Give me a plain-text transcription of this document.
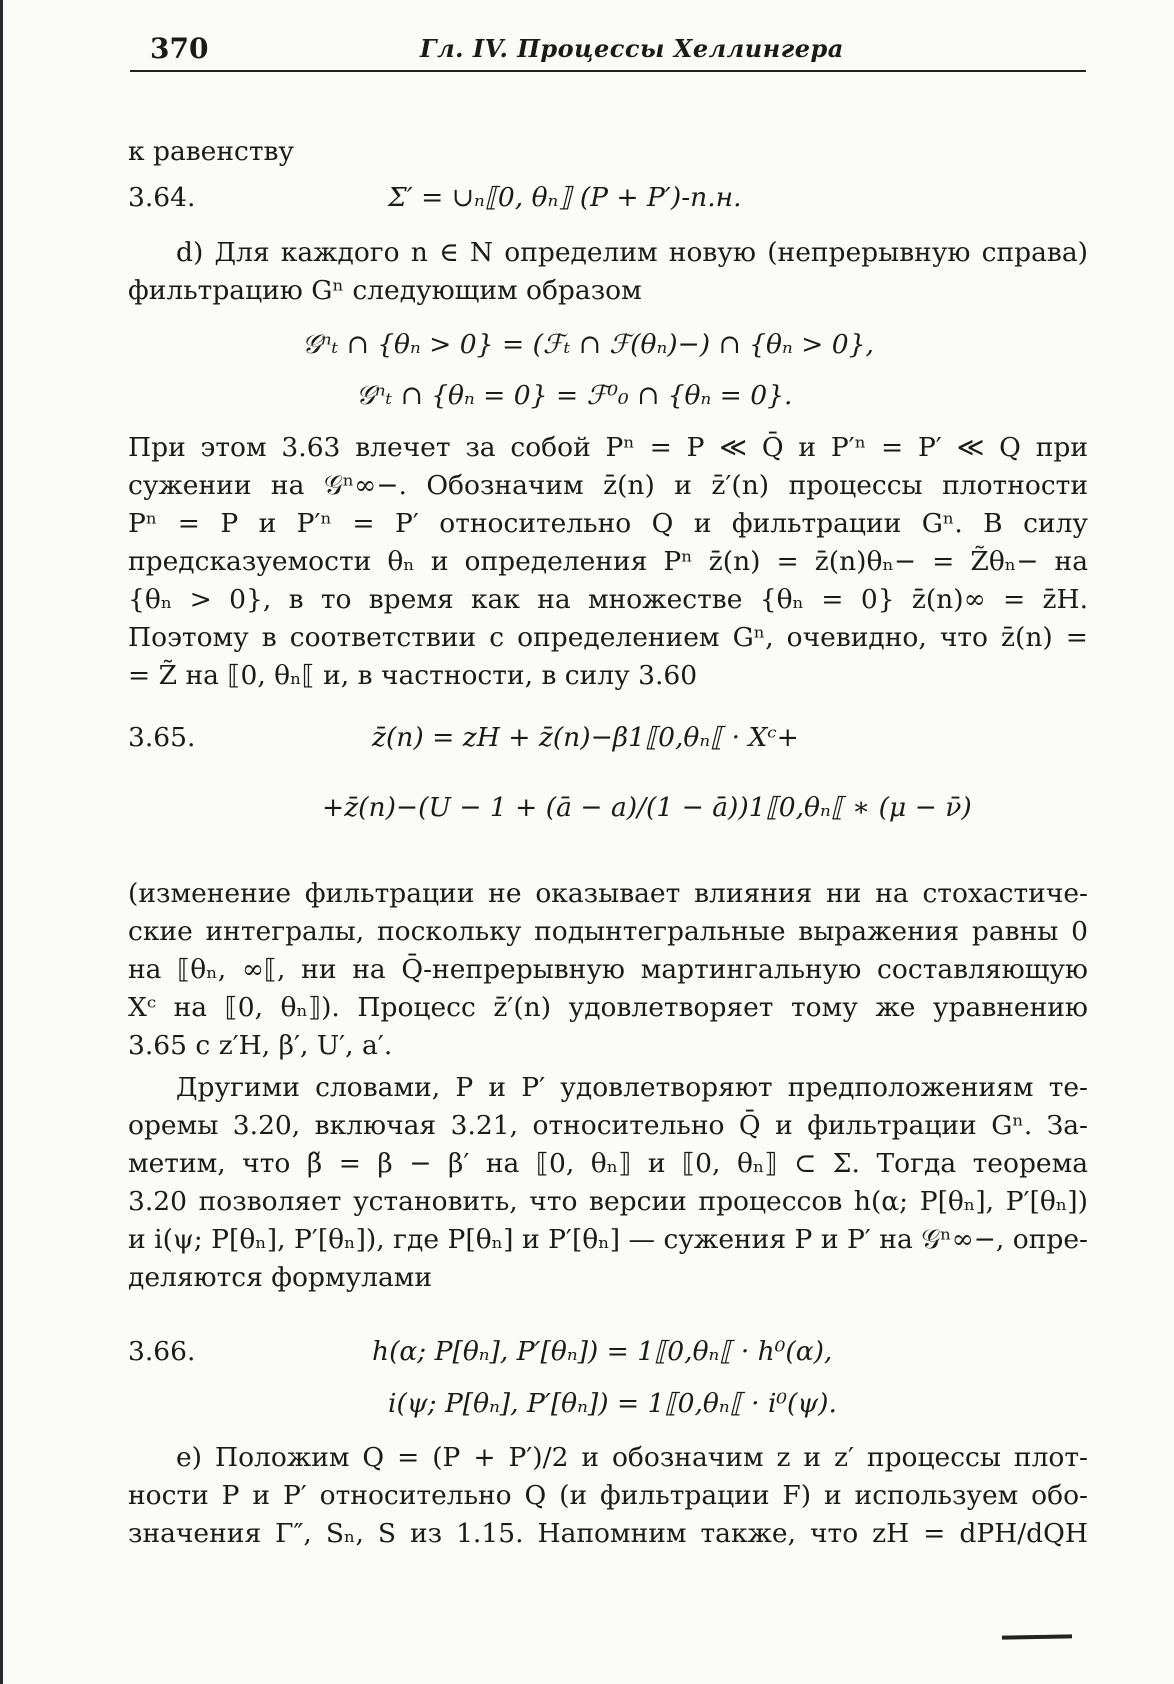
370	Гл. IV. Процессы Хеллингера
к равенству
3.64.	Σ′ = ∪ₙ⟦0, θₙ⟧ (P + P′)-п.н.
d) Для каждого n ∈ N определим новую (непрерывную справа)
фильтрацию Gⁿ следующим образом
𝒢ⁿₜ ∩ {θₙ > 0} = (ℱₜ ∩ ℱ(θₙ)−) ∩ {θₙ > 0},
𝒢ⁿₜ ∩ {θₙ = 0} = ℱ⁰₀ ∩ {θₙ = 0}.
При этом 3.63 влечет за собой Pⁿ = P ≪ Q̄ и P′ⁿ = P′ ≪ Q при
сужении на 𝒢ⁿ∞−. Обозначим z̄(n) и z̄′(n) процессы плотности
Pⁿ = P и P′ⁿ = P′ относительно Q и фильтрации Gⁿ. В силу
предсказуемости θₙ и определения Pⁿ z̄(n) = z̄(n)θₙ− = Z̃θₙ− на
{θₙ > 0}, в то время как на множестве {θₙ = 0} z̄(n)∞ = z̄H.
Поэтому в соответствии с определением Gⁿ, очевидно, что z̄(n) =
= Z̃ на ⟦0, θₙ⟦ и, в частности, в силу 3.60
3.65.	z̄(n) = zH + z̄(n)−β1⟦0,θₙ⟦ · Xᶜ+
+z̄(n)−(U − 1 + (ā − a)/(1 − ā))1⟦0,θₙ⟦ ∗ (μ − ν̄)
(изменение фильтрации не оказывает влияния ни на стохастиче-
ские интегралы, поскольку подынтегральные выражения равны 0
на ⟦θₙ, ∞⟦, ни на Q̄-непрерывную мартингальную составляющую
Xᶜ на ⟦0, θₙ⟧). Процесс z̄′(n) удовлетворяет тому же уравнению
3.65 с z′H, β′, U′, a′.
Другими словами, P и P′ удовлетворяют предположениям те-
оремы 3.20, включая 3.21, относительно Q̄ и фильтрации Gⁿ. За-
метим, что β̃ = β − β′ на ⟦0, θₙ⟧ и ⟦0, θₙ⟧ ⊂ Σ. Тогда теорема
3.20 позволяет установить, что версии процессов h(α; P[θₙ], P′[θₙ])
и i(ψ; P[θₙ], P′[θₙ]), где P[θₙ] и P′[θₙ] — сужения P и P′ на 𝒢ⁿ∞−, опре-
деляются формулами
3.66.	h(α; P[θₙ], P′[θₙ]) = 1⟦0,θₙ⟦ · h⁰(α),
i(ψ; P[θₙ], P′[θₙ]) = 1⟦0,θₙ⟦ · i⁰(ψ).
e) Положим Q = (P + P′)/2 и обозначим z и z′ процессы плот-
ности P и P′ относительно Q (и фильтрации F) и используем обо-
значения Γ″, Sₙ, S из 1.15. Напомним также, что zH = dPH/dQH
